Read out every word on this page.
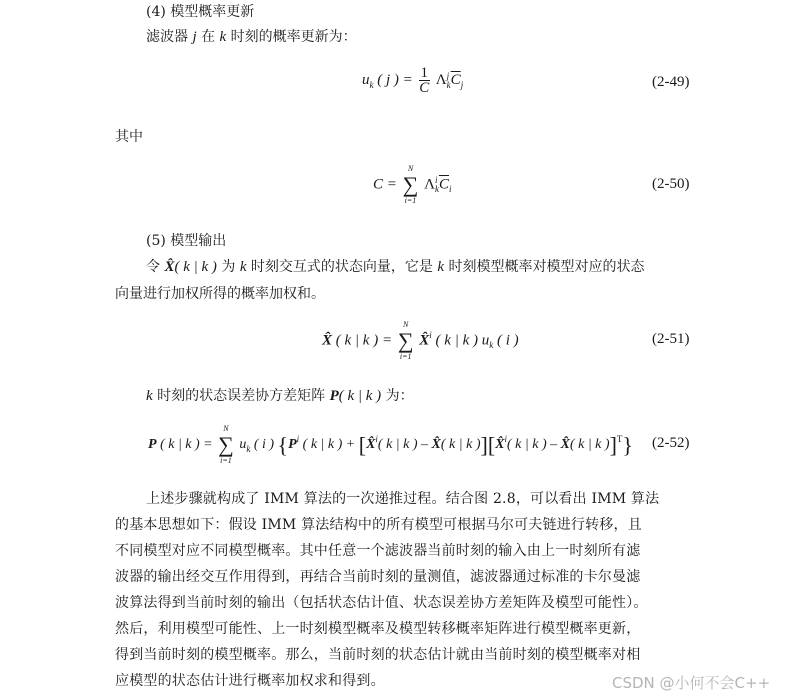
(4) 模型概率更新
滤波器 j 在 k 时刻的概率更新为：
$u_k$ ( j ) = $\frac{1}{C}$ Λ j
k $\overline{C}_j$	(2-49)
其中
C =
N
∑
i=1
Λ i
k $\overline{C}_i$	(2-50)
(5) 模型输出
令 X̂( k | k ) 为 k 时刻交互式的状态向量，它是 k 时刻模型概率对模型对应的状态
向量进行加权所得的概率加权和。
X̂ ( k | k ) =
N
∑
i=1
X̂$^i$ ( k | k ) $u_k$ ( i )	(2-51)
k 时刻的状态误差协方差矩阵 P( k | k ) 为：
P ( k | k ) =
N
∑
i=1
$u_k$ ( i ) {$P^i$ ( k | k ) + [X̂$^i$( k | k ) – X̂( k | k )][X̂$^i$( k | k ) – X̂( k | k )]$^T$} (2-52)
上述步骤就构成了 IMM 算法的一次递推过程。结合图 2.8，可以看出 IMM 算法
的基本思想如下：假设 IMM 算法结构中的所有模型可根据马尔可夫链进行转移，且
不同模型对应不同模型概率。其中任意一个滤波器当前时刻的输入由上一时刻所有滤
波器的输出经交互作用得到，再结合当前时刻的量测值，滤波器通过标准的卡尔曼滤
波算法得到当前时刻的输出（包括状态估计值、状态误差协方差矩阵及模型可能性）。
然后，利用模型可能性、上一时刻模型概率及模型转移概率矩阵进行模型概率更新，
得到当前时刻的模型概率。那么，当前时刻的状态估计就由当前时刻的模型概率对相
应模型的状态估计进行概率加权求和得到。	CSDN @小何不会C++
